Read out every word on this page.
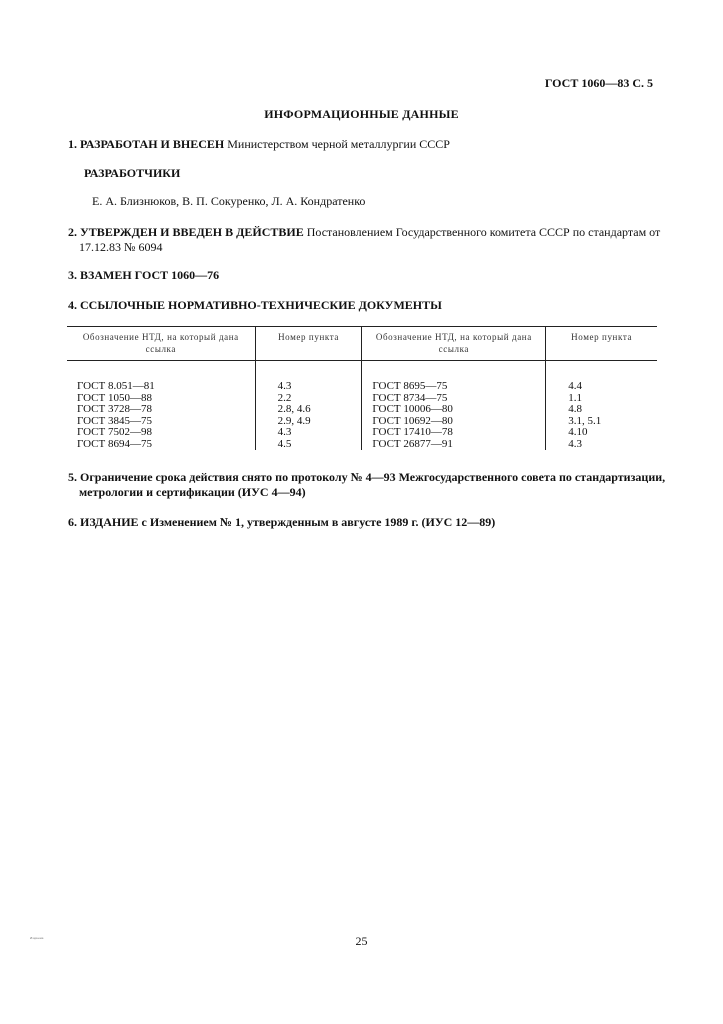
ГОСТ 1060—83 С. 5
ИНФОРМАЦИОННЫЕ ДАННЫЕ
1. РАЗРАБОТАН И ВНЕСЕН Министерством черной металлургии СССР
РАЗРАБОТЧИКИ
Е. А. Близнюков, В. П. Сокуренко, Л. А. Кондратенко
2. УТВЕРЖДЕН И ВВЕДЕН В ДЕЙСТВИЕ Постановлением Государственного комитета СССР по стандартам от 17.12.83 № 6094
3. ВЗАМЕН ГОСТ 1060—76
4. ССЫЛОЧНЫЕ НОРМАТИВНО-ТЕХНИЧЕСКИЕ ДОКУМЕНТЫ
Обозначение НТД, на который дана ссылка	Номер пункта	Обозначение НТД, на который дана ссылка	Номер пункта
ГОСТ 8.051—81	4.3	ГОСТ 8695—75	4.4
ГОСТ 1050—88	2.2	ГОСТ 8734—75	1.1
ГОСТ 3728—78	2.8, 4.6	ГОСТ 10006—80	4.8
ГОСТ 3845—75	2.9, 4.9	ГОСТ 10692—80	3.1, 5.1
ГОСТ 7502—98	4.3	ГОСТ 17410—78	4.10
ГОСТ 8694—75	4.5	ГОСТ 26877—91	4.3
5. Ограничение срока действия снято по протоколу № 4—93 Межгосударственного совета по стандартизации, метрологии и сертификации (ИУС 4—94)
6. ИЗДАНИЕ с Изменением № 1, утвержденным в августе 1989 г. (ИУС 12—89)
25
Издание
